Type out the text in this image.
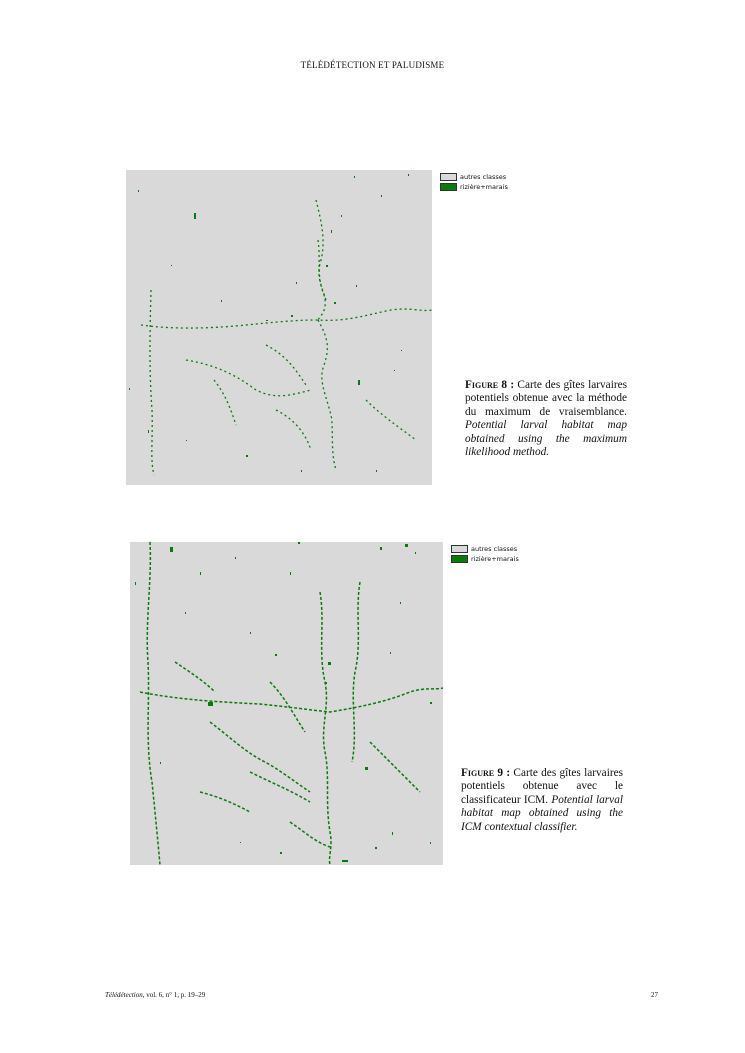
TÉLÉDÉTECTION ET PALUDISME
autres classes
rizière+marais
Figure 8 : Carte des gîtes larvaires potentiels obtenue avec la méthode du maximum de vraisemblance. Potential larval habitat map obtained using the maximum likelihood method.
autres classes
rizière+marais
Figure 9 : Carte des gîtes larvaires potentiels obtenue avec le classificateur ICM. Potential larval habitat map obtained using the ICM contextual classifier.
Télédétection, vol. 6, n° 1, p. 19–29	27
